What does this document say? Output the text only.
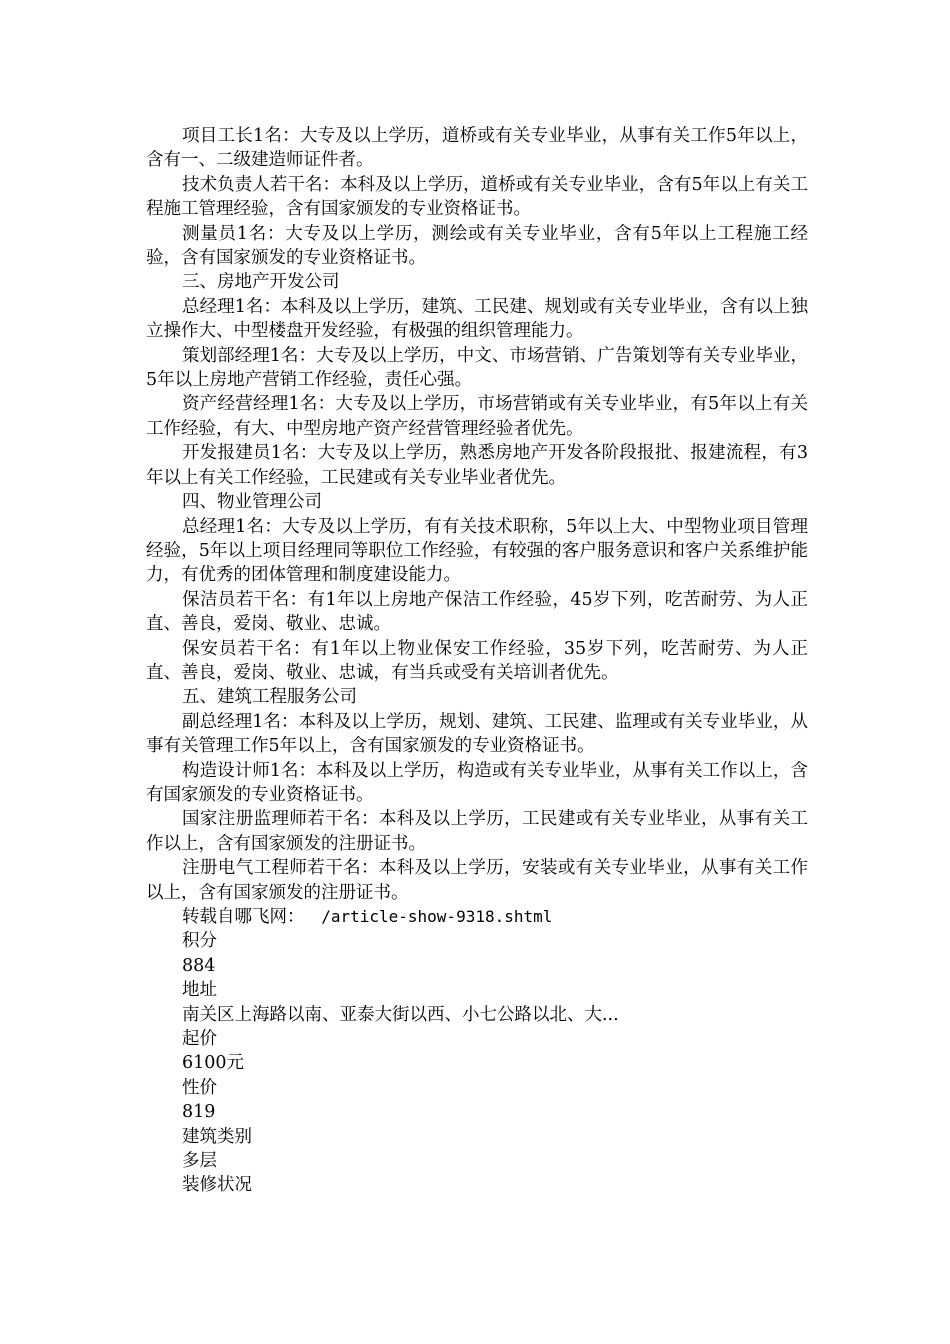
项目工长1名：大专及以上学历，道桥或有关专业毕业，从事有关工作5年以上，含有一、二级建造师证件者。

技术负责人若干名：本科及以上学历，道桥或有关专业毕业，含有5年以上有关工程施工管理经验，含有国家颁发的专业资格证书。

测量员1名：大专及以上学历，测绘或有关专业毕业，含有5年以上工程施工经验，含有国家颁发的专业资格证书。

三、房地产开发公司

总经理1名：本科及以上学历，建筑、工民建、规划或有关专业毕业，含有以上独立操作大、中型楼盘开发经验，有极强的组织管理能力。

策划部经理1名：大专及以上学历，中文、市场营销、广告策划等有关专业毕业，5年以上房地产营销工作经验，责任心强。

资产经营经理1名：大专及以上学历，市场营销或有关专业毕业，有5年以上有关工作经验，有大、中型房地产资产经营管理经验者优先。

开发报建员1名：大专及以上学历，熟悉房地产开发各阶段报批、报建流程，有3年以上有关工作经验，工民建或有关专业毕业者优先。

四、物业管理公司

总经理1名：大专及以上学历，有有关技术职称，5年以上大、中型物业项目管理经验，5年以上项目经理同等职位工作经验，有较强的客户服务意识和客户关系维护能力，有优秀的团体管理和制度建设能力。

保洁员若干名：有1年以上房地产保洁工作经验，45岁下列，吃苦耐劳、为人正直、善良，爱岗、敬业、忠诚。

保安员若干名：有1年以上物业保安工作经验，35岁下列，吃苦耐劳、为人正直、善良，爱岗、敬业、忠诚，有当兵或受有关培训者优先。

五、建筑工程服务公司

副总经理1名：本科及以上学历，规划、建筑、工民建、监理或有关专业毕业，从事有关管理工作5年以上，含有国家颁发的专业资格证书。

构造设计师1名：本科及以上学历，构造或有关专业毕业，从事有关工作以上，含有国家颁发的专业资格证书。

国家注册监理师若干名：本科及以上学历，工民建或有关专业毕业，从事有关工作以上，含有国家颁发的注册证书。

注册电气工程师若干名：本科及以上学历，安装或有关专业毕业，从事有关工作以上，含有国家颁发的注册证书。

转载自哪飞网： /article-show-9318.shtml

积分

884

地址

南关区上海路以南、亚泰大街以西、小七公路以北、大...

起价

6100元

性价

819

建筑类别

多层

装修状况
